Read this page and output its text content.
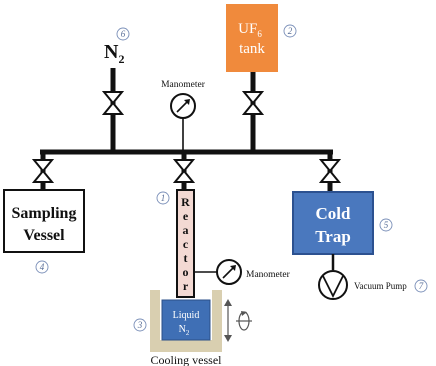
$N_2$
6	$UF_6$
tank
2
Manometer
Sampling
Vessel
4
R
e
a
c
t
o
r
1
Manometer
Liquid
$N_2$
3
Cooling vessel
Cold
Trap
5
Vacuum Pump 7
